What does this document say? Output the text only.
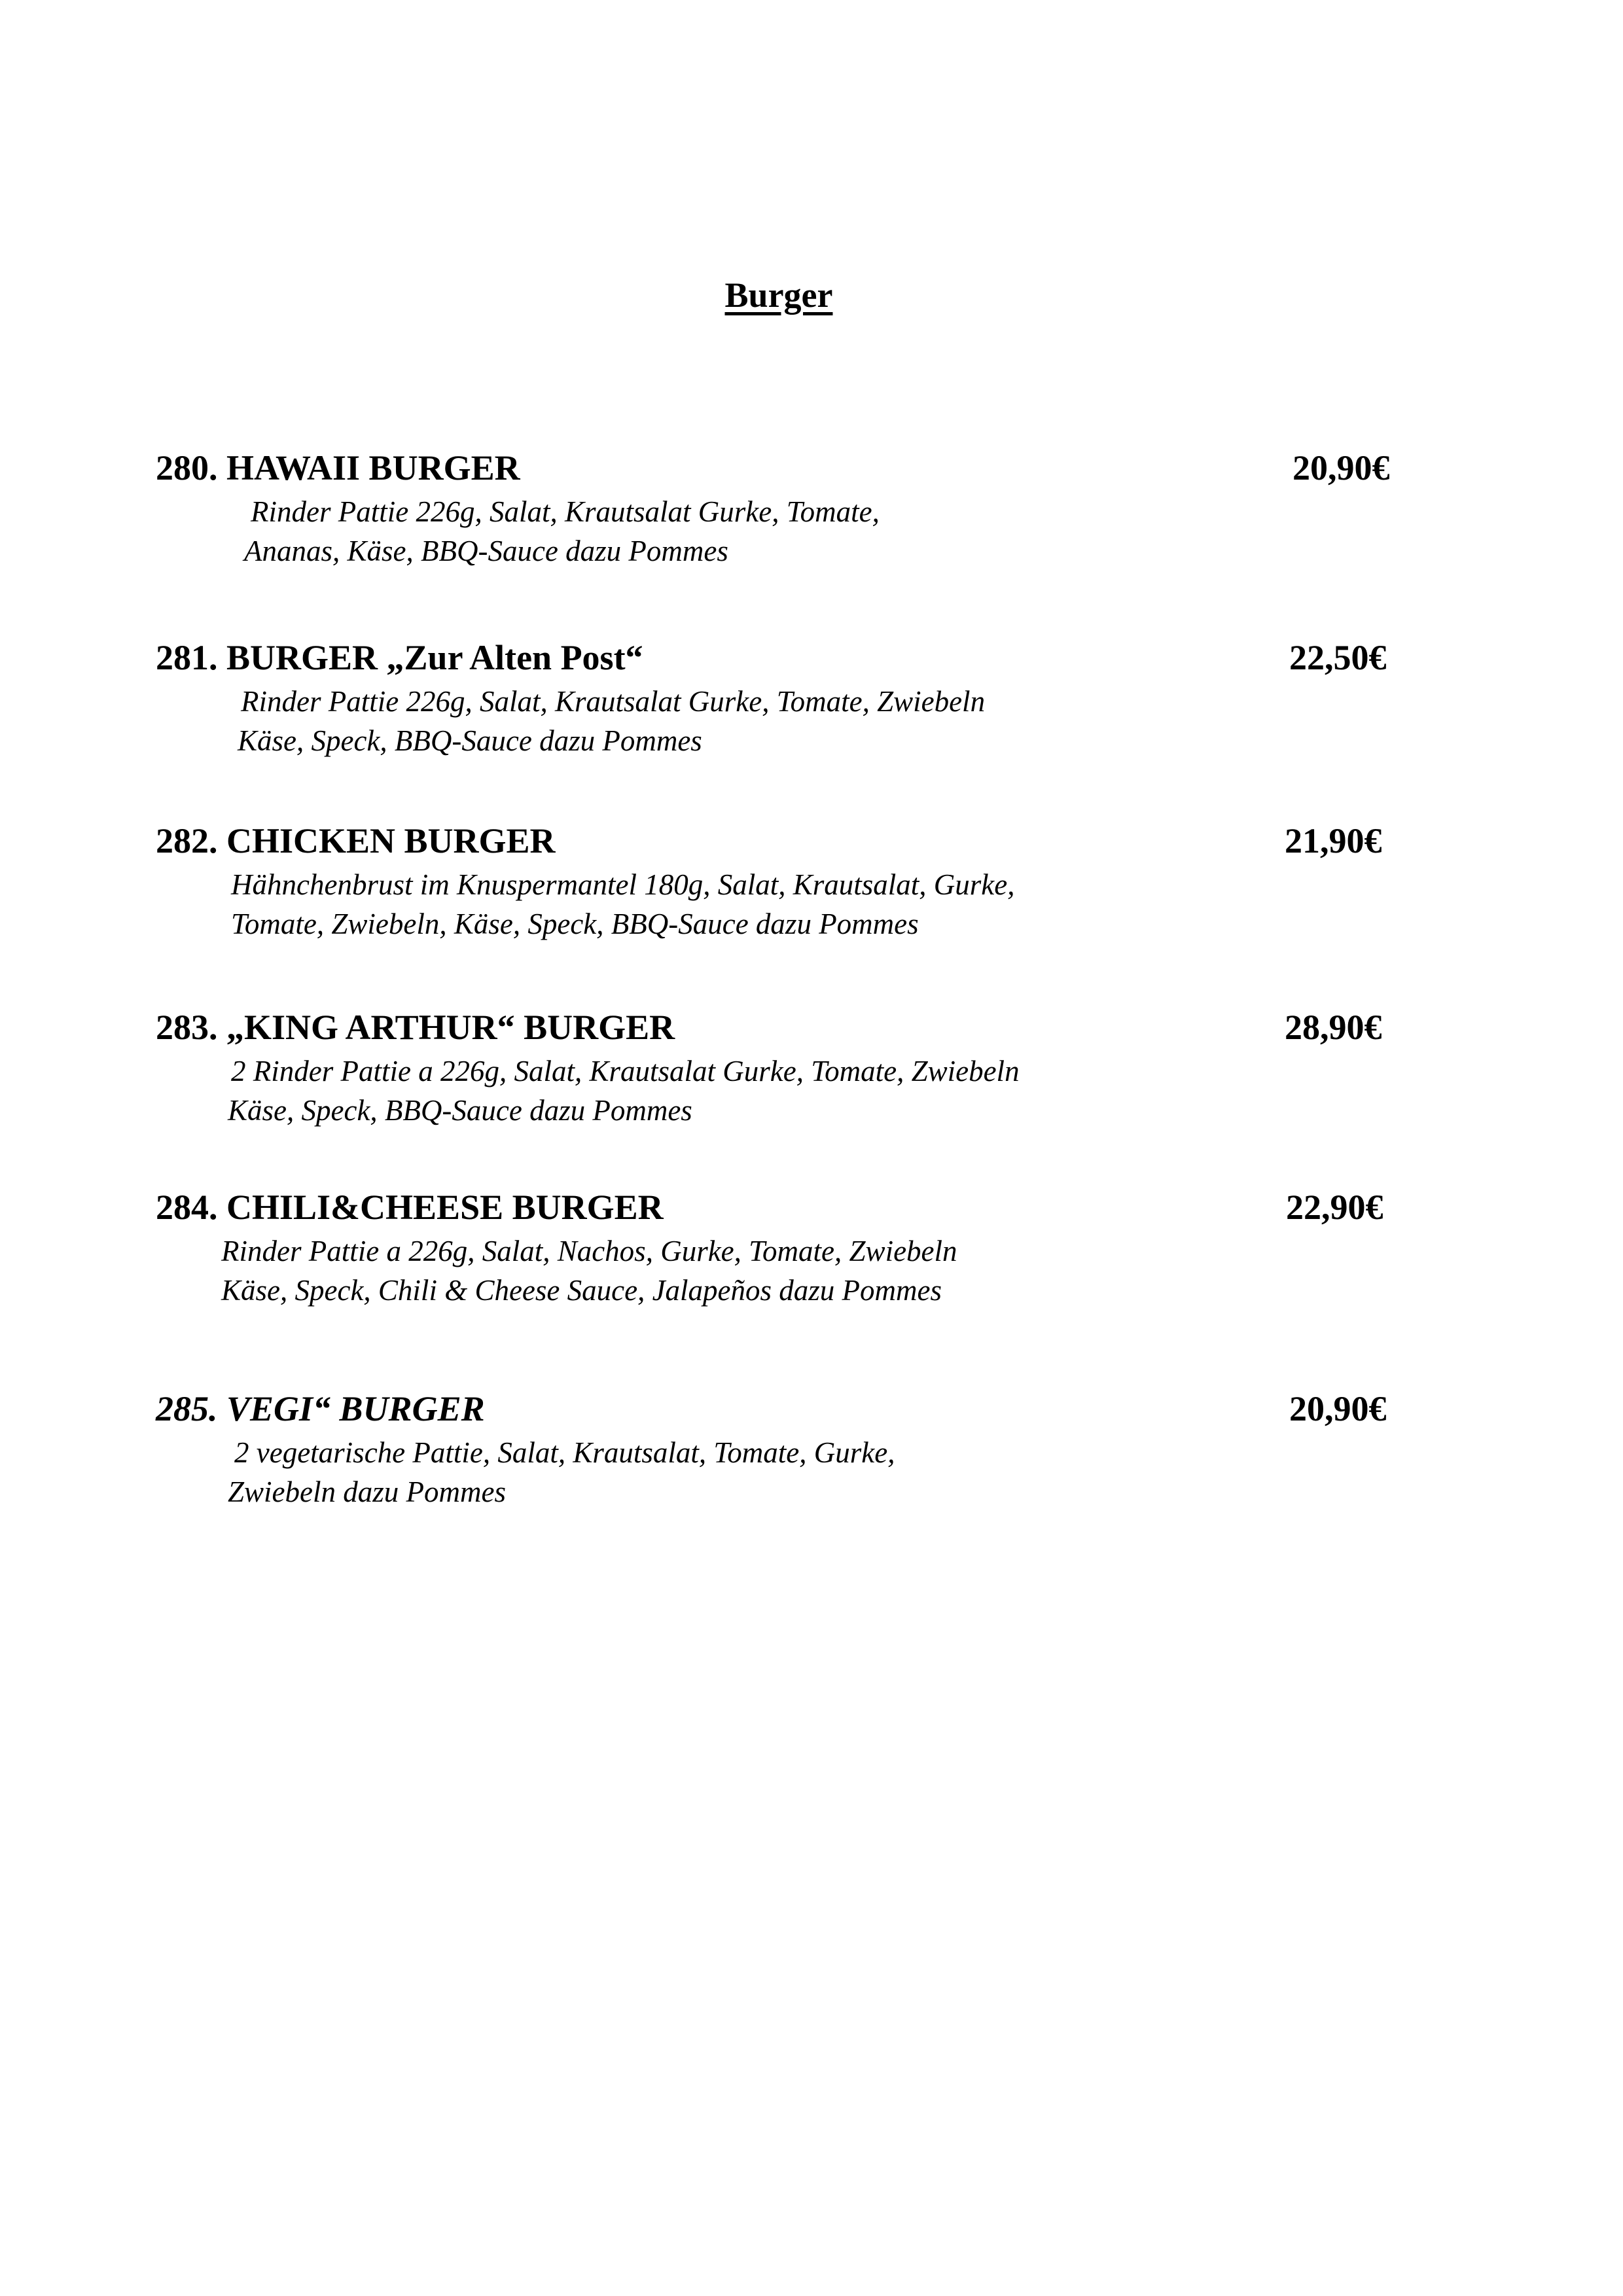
Burger
280. HAWAII BURGER	20,90€
Rinder Pattie 226g, Salat, Krautsalat Gurke, Tomate,
Ananas, Käse, BBQ-Sauce dazu Pommes
281. BURGER „Zur Alten Post“	22,50€
Rinder Pattie 226g, Salat, Krautsalat Gurke, Tomate, Zwiebeln
Käse, Speck, BBQ-Sauce dazu Pommes
282. CHICKEN BURGER	21,90€
Hähnchenbrust im Knuspermantel 180g, Salat, Krautsalat, Gurke,
Tomate, Zwiebeln, Käse, Speck, BBQ-Sauce dazu Pommes
283. „KING ARTHUR“ BURGER	28,90€
2 Rinder Pattie a 226g, Salat, Krautsalat Gurke, Tomate, Zwiebeln
Käse, Speck, BBQ-Sauce dazu Pommes
284. CHILI&CHEESE BURGER	22,90€
Rinder Pattie a 226g, Salat, Nachos, Gurke, Tomate, Zwiebeln
Käse, Speck, Chili & Cheese Sauce, Jalapeños dazu Pommes
285. VEGI“ BURGER	20,90€
2 vegetarische Pattie, Salat, Krautsalat, Tomate, Gurke,
Zwiebeln dazu Pommes
